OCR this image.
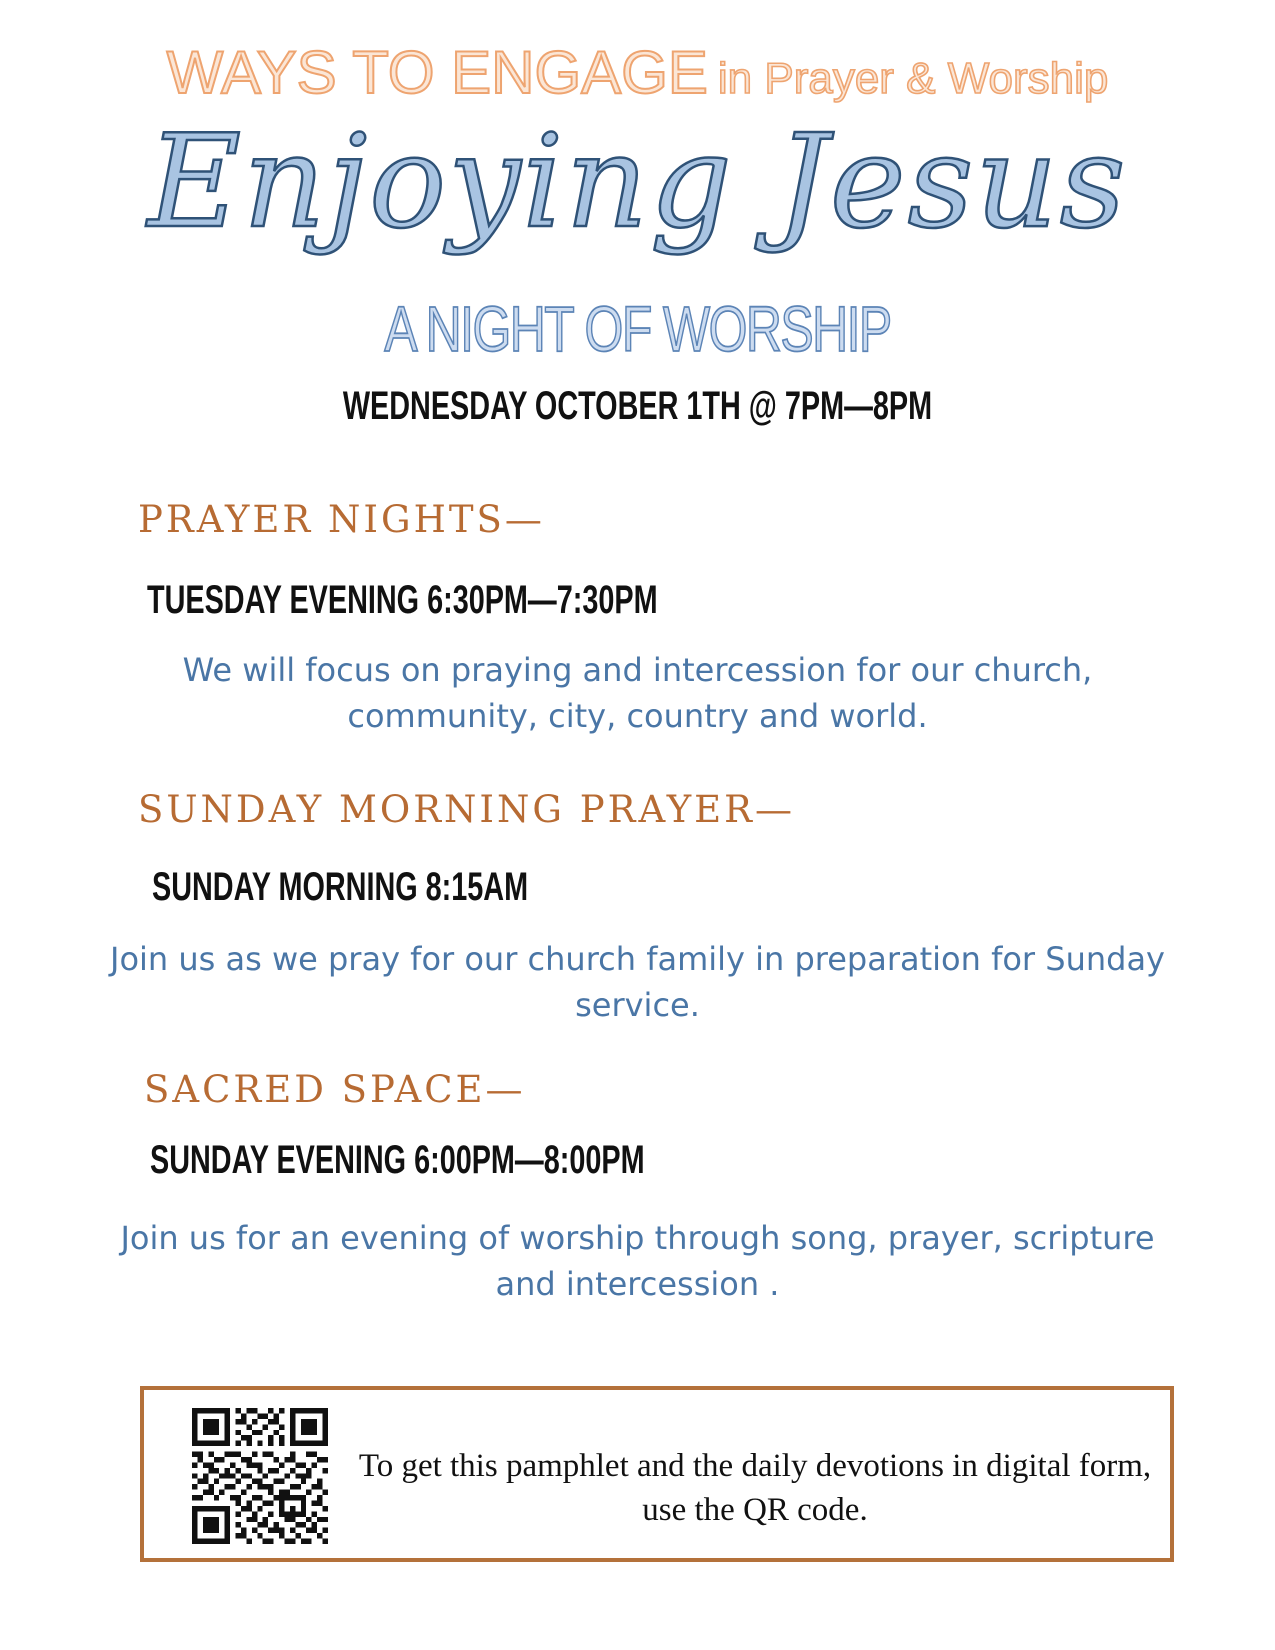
WAYS TO ENGAGE in Prayer & Worship
Enjoying Jesus
A NIGHT OF WORSHIP
WEDNESDAY OCTOBER 1TH @ 7PM—8PM
PRAYER NIGHTS—
TUESDAY EVENING 6:30PM—7:30PM
We will focus on praying and intercession for our church, community, city, country and world.
SUNDAY MORNING PRAYER—
SUNDAY MORNING 8:15AM
Join us as we pray for our church family in preparation for Sunday service.
SACRED SPACE—
SUNDAY EVENING 6:00PM—8:00PM
Join us for an evening of worship through song, prayer, scripture and intercession .
To get this pamphlet and the daily devotions in digital form, use the QR code.
